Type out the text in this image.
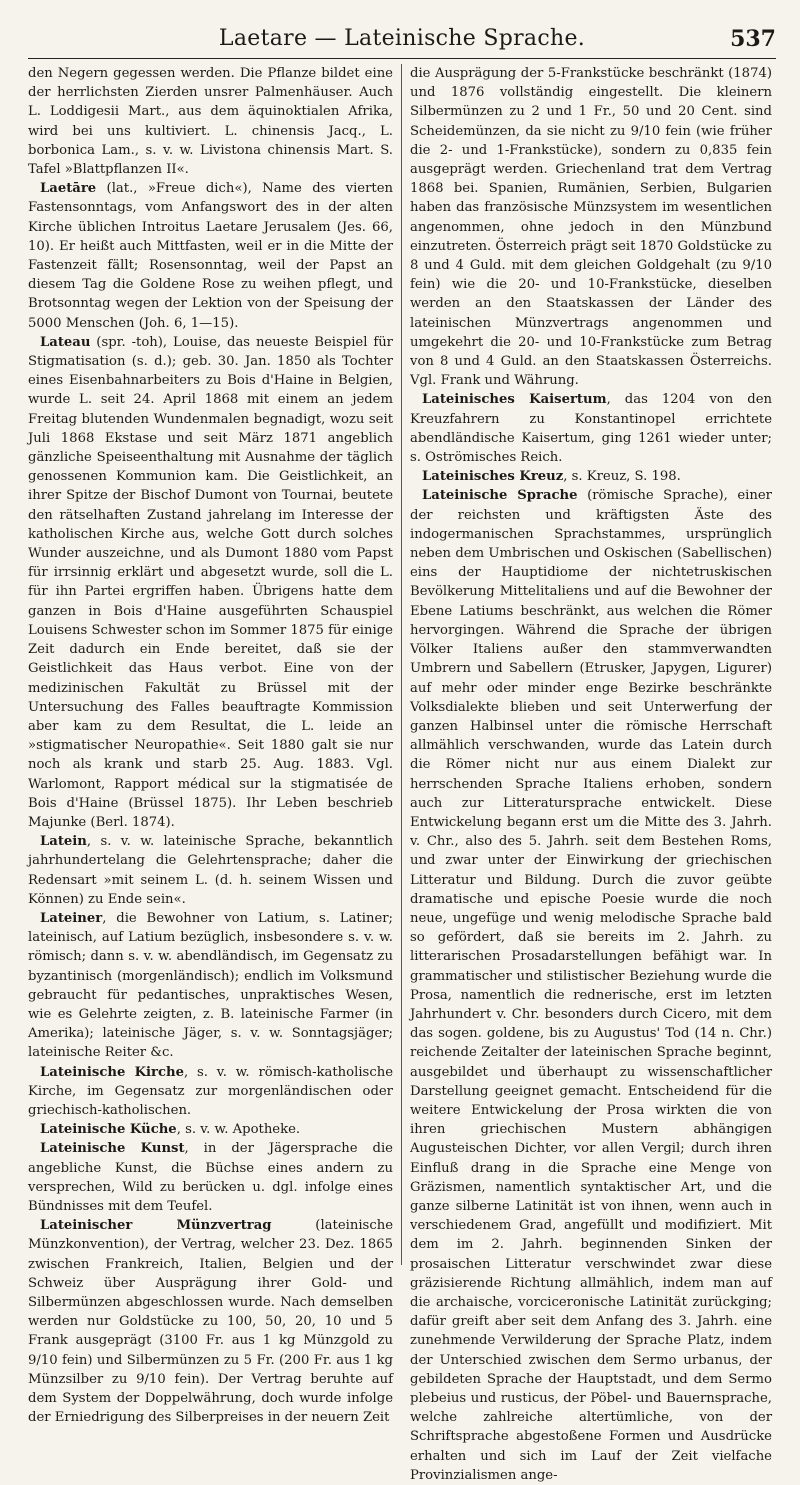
Laetare — Lateinische Sprache.	537

den Negern gegessen werden. Die Pflanze bildet eine der herrlichsten Zierden unsrer Palmenhäuser. Auch L. Loddigesii Mart., aus dem äquinoktialen Afrika, wird bei uns kultiviert. L. chinensis Jacq., L. borbonica Lam., s. v. w. Livistona chinensis Mart. S. Tafel »Blattpflanzen II«.

Laetāre (lat., »Freue dich«), Name des vierten Fastensonntags, vom Anfangswort des in der alten Kirche üblichen Introitus Laetare Jerusalem (Jes. 66, 10). Er heißt auch Mittfasten, weil er in die Mitte der Fastenzeit fällt; Rosensonntag, weil der Papst an diesem Tag die Goldene Rose zu weihen pflegt, und Brotsonntag wegen der Lektion von der Speisung der 5000 Menschen (Joh. 6, 1—15).

Lateau (spr. -toh), Louise, das neueste Beispiel für Stigmatisation (s. d.); geb. 30. Jan. 1850 als Tochter eines Eisenbahnarbeiters zu Bois d'Haine in Belgien, wurde L. seit 24. April 1868 mit einem an jedem Freitag blutenden Wundenmalen begnadigt, wozu seit Juli 1868 Ekstase und seit März 1871 angeblich gänzliche Speiseenthaltung mit Ausnahme der täglich genossenen Kommunion kam. Die Geistlichkeit, an ihrer Spitze der Bischof Dumont von Tournai, beutete den rätselhaften Zustand jahrelang im Interesse der katholischen Kirche aus, welche Gott durch solches Wunder auszeichne, und als Dumont 1880 vom Papst für irrsinnig erklärt und abgesetzt wurde, soll die L. für ihn Partei ergriffen haben. Übrigens hatte dem ganzen in Bois d'Haine ausgeführten Schauspiel Louisens Schwester schon im Sommer 1875 für einige Zeit dadurch ein Ende bereitet, daß sie der Geistlichkeit das Haus verbot. Eine von der medizinischen Fakultät zu Brüssel mit der Untersuchung des Falles beauftragte Kommission aber kam zu dem Resultat, die L. leide an »stigmatischer Neuropathie«. Seit 1880 galt sie nur noch als krank und starb 25. Aug. 1883. Vgl. Warlomont, Rapport médical sur la stigmatisée de Bois d'Haine (Brüssel 1875). Ihr Leben beschrieb Majunke (Berl. 1874).

Latein, s. v. w. lateinische Sprache, bekanntlich jahrhundertelang die Gelehrtensprache; daher die Redensart »mit seinem L. (d. h. seinem Wissen und Können) zu Ende sein«.

Lateiner, die Bewohner von Latium, s. Latiner; lateinisch, auf Latium bezüglich, insbesondere s. v. w. römisch; dann s. v. w. abendländisch, im Gegensatz zu byzantinisch (morgenländisch); endlich im Volksmund gebraucht für pedantisches, unpraktisches Wesen, wie es Gelehrte zeigten, z. B. lateinische Farmer (in Amerika); lateinische Jäger, s. v. w. Sonntagsjäger; lateinische Reiter &c.

Lateinische Kirche, s. v. w. römisch-katholische Kirche, im Gegensatz zur morgenländischen oder griechisch-katholischen.

Lateinische Küche, s. v. w. Apotheke.

Lateinische Kunst, in der Jägersprache die angebliche Kunst, die Büchse eines andern zu versprechen, Wild zu berücken u. dgl. infolge eines Bündnisses mit dem Teufel.

Lateinischer Münzvertrag (lateinische Münzkonvention), der Vertrag, welcher 23. Dez. 1865 zwischen Frankreich, Italien, Belgien und der Schweiz über Ausprägung ihrer Gold- und Silbermünzen abgeschlossen wurde. Nach demselben werden nur Goldstücke zu 100, 50, 20, 10 und 5 Frank ausgeprägt (3100 Fr. aus 1 kg Münzgold zu 9/10 fein) und Silbermünzen zu 5 Fr. (200 Fr. aus 1 kg Münzsilber zu 9/10 fein). Der Vertrag beruhte auf dem System der Doppelwährung, doch wurde infolge der Erniedrigung des Silberpreises in der neuern Zeit

die Ausprägung der 5-Frankstücke beschränkt (1874) und 1876 vollständig eingestellt. Die kleinern Silbermünzen zu 2 und 1 Fr., 50 und 20 Cent. sind Scheidemünzen, da sie nicht zu 9/10 fein (wie früher die 2- und 1-Frankstücke), sondern zu 0,835 fein ausgeprägt werden. Griechenland trat dem Vertrag 1868 bei. Spanien, Rumänien, Serbien, Bulgarien haben das französische Münzsystem im wesentlichen angenommen, ohne jedoch in den Münzbund einzutreten. Österreich prägt seit 1870 Goldstücke zu 8 und 4 Guld. mit dem gleichen Goldgehalt (zu 9/10 fein) wie die 20- und 10-Frankstücke, dieselben werden an den Staatskassen der Länder des lateinischen Münzvertrags angenommen und umgekehrt die 20- und 10-Frankstücke zum Betrag von 8 und 4 Guld. an den Staatskassen Österreichs. Vgl. Frank und Währung.

Lateinisches Kaisertum, das 1204 von den Kreuzfahrern zu Konstantinopel errichtete abendländische Kaisertum, ging 1261 wieder unter; s. Oströmisches Reich.

Lateinisches Kreuz, s. Kreuz, S. 198.

Lateinische Sprache (römische Sprache), einer der reichsten und kräftigsten Äste des indogermanischen Sprachstammes, ursprünglich neben dem Umbrischen und Oskischen (Sabellischen) eins der Hauptidiome der nichtetruskischen Bevölkerung Mittelitaliens und auf die Bewohner der Ebene Latiums beschränkt, aus welchen die Römer hervorgingen. Während die Sprache der übrigen Völker Italiens außer den stammverwandten Umbrern und Sabellern (Etrusker, Japygen, Ligurer) auf mehr oder minder enge Bezirke beschränkte Volksdialekte blieben und seit Unterwerfung der ganzen Halbinsel unter die römische Herrschaft allmählich verschwanden, wurde das Latein durch die Römer nicht nur aus einem Dialekt zur herrschenden Sprache Italiens erhoben, sondern auch zur Litteratursprache entwickelt. Diese Entwickelung begann erst um die Mitte des 3. Jahrh. v. Chr., also des 5. Jahrh. seit dem Bestehen Roms, und zwar unter der Einwirkung der griechischen Litteratur und Bildung. Durch die zuvor geübte dramatische und epische Poesie wurde die noch neue, ungefüge und wenig melodische Sprache bald so gefördert, daß sie bereits im 2. Jahrh. zu litterarischen Prosadarstellungen befähigt war. In grammatischer und stilistischer Beziehung wurde die Prosa, namentlich die rednerische, erst im letzten Jahrhundert v. Chr. besonders durch Cicero, mit dem das sogen. goldene, bis zu Augustus' Tod (14 n. Chr.) reichende Zeitalter der lateinischen Sprache beginnt, ausgebildet und überhaupt zu wissenschaftlicher Darstellung geeignet gemacht. Entscheidend für die weitere Entwickelung der Prosa wirkten die von ihren griechischen Mustern abhängigen Augusteischen Dichter, vor allen Vergil; durch ihren Einfluß drang in die Sprache eine Menge von Gräzismen, namentlich syntaktischer Art, und die ganze silberne Latinität ist von ihnen, wenn auch in verschiedenem Grad, angefüllt und modifiziert. Mit dem im 2. Jahrh. beginnenden Sinken der prosaischen Litteratur verschwindet zwar diese gräzisierende Richtung allmählich, indem man auf die archaische, vorciceronische Latinität zurückging; dafür greift aber seit dem Anfang des 3. Jahrh. eine zunehmende Verwilderung der Sprache Platz, indem der Unterschied zwischen dem Sermo urbanus, der gebildeten Sprache der Hauptstadt, und dem Sermo plebeius und rusticus, der Pöbel- und Bauernsprache, welche zahlreiche altertümliche, von der Schriftsprache abgestoßene Formen und Ausdrücke erhalten und sich im Lauf der Zeit vielfache Provinzialismen ange-
